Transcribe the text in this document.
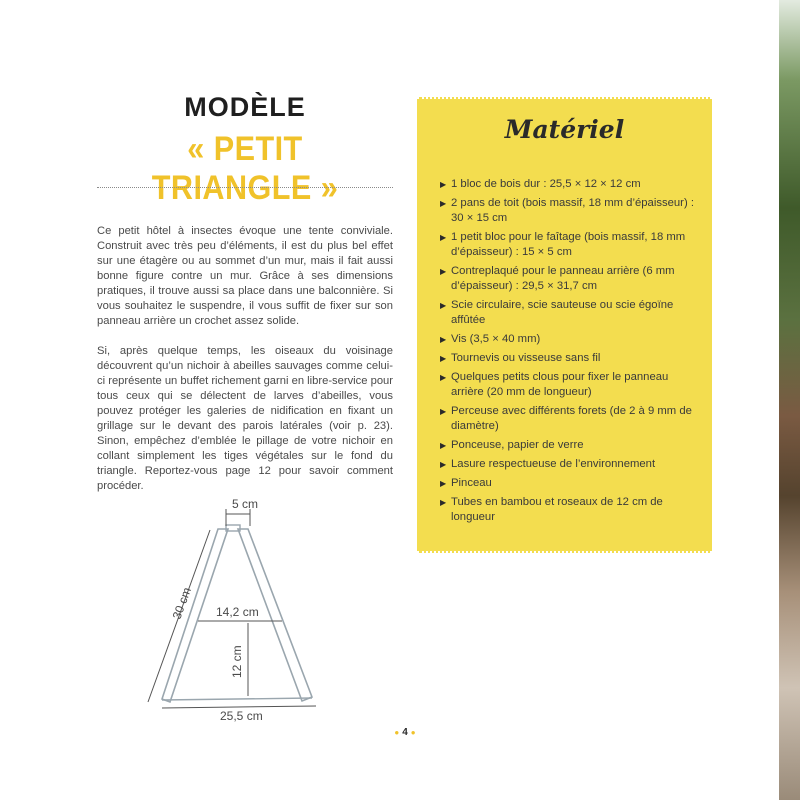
MODÈLE
« PETIT TRIANGLE »

Ce petit hôtel à insectes évoque une tente conviviale. Construit avec très peu d’éléments, il est du plus bel effet sur une étagère ou au sommet d’un mur, mais il fait aussi bonne figure contre un mur. Grâce à ses dimensions pratiques, il trouve aussi sa place dans une balconnière. Si vous souhaitez le suspendre, il vous suffit de fixer sur son panneau arrière un crochet assez solide.

Si, après quelque temps, les oiseaux du voisinage découvrent qu’un nichoir à abeilles sauvages comme celui-ci représente un buffet richement garni en libre-service pour tous ceux qui se délectent de larves d’abeilles, vous pouvez protéger les galeries de nidification en fixant un grillage sur le devant des parois latérales (voir p. 23). Sinon, empêchez d’emblée le pillage de votre nichoir en collant simplement les tiges végétales sur le fond du triangle. Reportez-vous page 12 pour savoir comment procéder.

5 cm
30 cm 14,2 cm
12 cm
25,5 cm
Matériel
▶ 1 bloc de bois dur : 25,5 × 12 × 12 cm
▶ 2 pans de toit (bois massif, 18 mm d’épaisseur) : 30 × 15 cm
▶ 1 petit bloc pour le faîtage (bois massif, 18 mm d’épaisseur) : 15 × 5 cm
▶ Contreplaqué pour le panneau arrière (6 mm d’épaisseur) : 29,5 × 31,7 cm
▶ Scie circulaire, scie sauteuse ou scie égoïne affûtée
▶ Vis (3,5 × 40 mm)
▶ Tournevis ou visseuse sans fil
▶ Quelques petits clous pour fixer le panneau arrière (20 mm de longueur)
▶ Perceuse avec différents forets (de 2 à 9 mm de diamètre)
▶ Ponceuse, papier de verre
▶ Lasure respectueuse de l’environnement
▶ Pinceau
▶ Tubes en bambou et roseaux de 12 cm de longueur
● 4 ●
